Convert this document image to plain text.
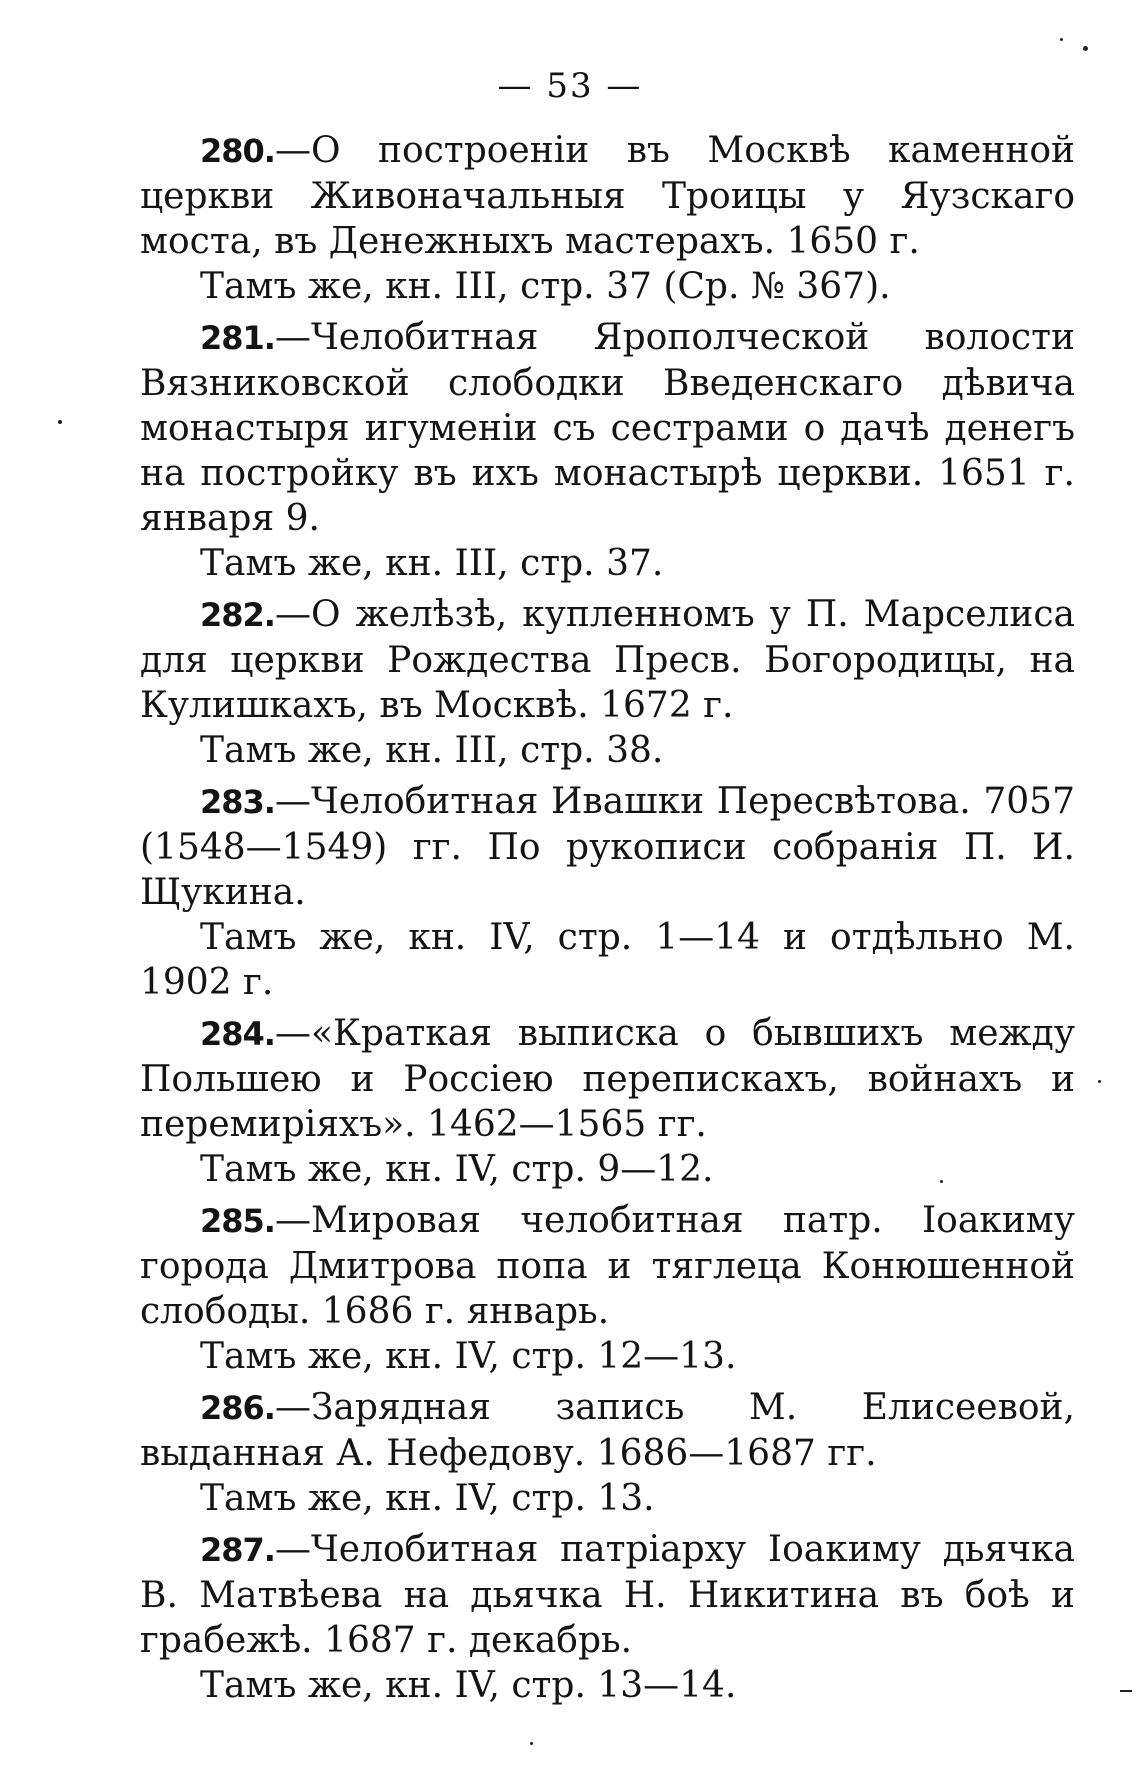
— 53 —

280.—О построенiи въ Москвѣ каменной церкви Живоначальныя Троицы у Яузскаго моста, въ Денежныхъ мастерахъ. 1650 г.

Тамъ же, кн. III, стр. 37 (Ср. № 367).

281.—Челобитная Ярополческой волости Вязниковской слободки Введенскаго дѣвича монастыря игуменiи съ сестрами о дачѣ денегъ на постройку въ ихъ монастырѣ церкви. 1651 г. января 9.

Тамъ же, кн. III, стр. 37.

282.—О желѣзѣ, купленномъ у П. Марселиса для церкви Рождества Пресв. Богородицы, на Кулишкахъ, въ Москвѣ. 1672 г.

Тамъ же, кн. III, стр. 38.

283.—Челобитная Ивашки Пересвѣтова. 7057 (1548—1549) гг. По рукописи собранiя П. И. Щукина.

Тамъ же, кн. IV, стр. 1—14 и отдѣльно М. 1902 г.

284.—«Краткая выписка о бывшихъ между Польшею и Россiею перепискахъ, войнахъ и перемирiяхъ». 1462—1565 гг.

Тамъ же, кн. IV, стр. 9—12.

285.—Мировая челобитная патр. Iоакиму города Дмитрова попа и тяглеца Конюшенной слободы. 1686 г. январь.

Тамъ же, кн. IV, стр. 12—13.

286.—Зарядная запись М. Елисеевой, выданная А. Нефедову. 1686—1687 гг.

Тамъ же, кн. IV, стр. 13.

287.—Челобитная патрiарху Iоакиму дьячка В. Матвѣева на дьячка Н. Никитина въ боѣ и грабежѣ. 1687 г. декабрь.

Тамъ же, кн. IV, стр. 13—14.
